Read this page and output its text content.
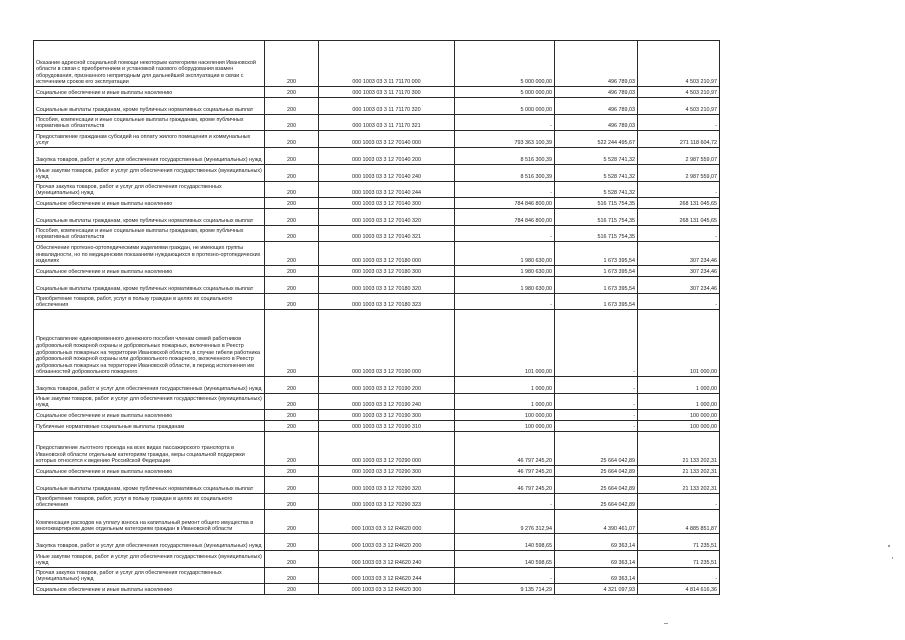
Оказание адресной социальной помощи некоторым категориям населения Ивановской области в связи с приобретением и установкой газового оборудования взамен оборудования, признанного непригодным для дальнейшей эксплуатации в связи с истечением сроков его эксплуатации	200	000 1003 03 3 11 71170 000	5 000 000,00	496 789,03	4 503 210,97
Социальное обеспечение и иные выплаты населению	200	000 1003 03 3 11 71170 300	5 000 000,00	496 789,03	4 503 210,97
Социальные выплаты гражданам, кроме публичных нормативных социальных выплат	200	000 1003 03 3 11 71170 320	5 000 000,00	496 789,03	4 503 210,97
Пособия, компенсации и иные социальные выплаты гражданам, кроме публичных нормативных обязательств	200	000 1003 03 3 11 71170 321	-	496 789,03	-
Предоставление гражданам субсидий на оплату жилого помещения и коммунальных услуг	200	000 1003 03 3 12 70140 000	793 363 100,39	522 244 495,67	271 118 604,72
Закупка товаров, работ и услуг для обеспечения государственных (муниципальных) нужд	200	000 1003 03 3 12 70140 200	8 516 300,39	5 528 741,32	2 987 559,07
Иные закупки товаров, работ и услуг для обеспечения государственных (муниципальных) нужд	200	000 1003 03 3 12 70140 240	8 516 300,39	5 528 741,32	2 987 559,07
Прочая закупка товаров, работ и услуг для обеспечения государственных (муниципальных) нужд	200	000 1003 03 3 12 70140 244	-	5 528 741,32	-
Социальное обеспечение и иные выплаты населению	200	000 1003 03 3 12 70140 300	784 846 800,00	516 715 754,35	268 131 045,65
Социальные выплаты гражданам, кроме публичных нормативных социальных выплат	200	000 1003 03 3 12 70140 320	784 846 800,00	516 715 754,35	268 131 045,65
Пособия, компенсации и иные социальные выплаты гражданам, кроме публичных нормативных обязательств	200	000 1003 03 3 12 70140 321	-	516 715 754,35	-
Обеспечение протезно-ортопедическими изделиями граждан, не имеющих группы инвалидности, но по медицинским показаниям нуждающихся в протезно-ортопедических изделиях	200	000 1003 03 3 12 70180 000	1 980 630,00	1 673 395,54	307 234,46
Социальное обеспечение и иные выплаты населению	200	000 1003 03 3 12 70180 300	1 980 630,00	1 673 395,54	307 234,46
Социальные выплаты гражданам, кроме публичных нормативных социальных выплат	200	000 1003 03 3 12 70180 320	1 980 630,00	1 673 395,54	307 234,46
Приобретение товаров, работ, услуг в пользу граждан в целях их социального обеспечения	200	000 1003 03 3 12 70180 323	-	1 673 395,54	-
Предоставление единовременного денежного пособия членам семей работников добровольной пожарной охраны и добровольных пожарных, включенных в Реестр добровольных пожарных на территории Ивановской области, в случае гибели работника добровольной пожарной охраны или добровольного пожарного, включенного в Реестр добровольных пожарных на территории Ивановской области, в период исполнения им обязанностей добровольного пожарного	200	000 1003 03 3 12 70190 000	101 000,00	-	101 000,00
Закупка товаров, работ и услуг для обеспечения государственных (муниципальных) нужд	200	000 1003 03 3 12 70190 200	1 000,00	-	1 000,00
Иные закупки товаров, работ и услуг для обеспечения государственных (муниципальных) нужд	200	000 1003 03 3 12 70190 240	1 000,00	-	1 000,00
Социальное обеспечение и иные выплаты населению	200	000 1003 03 3 12 70190 300	100 000,00	-	100 000,00
Публичные нормативные социальные выплаты гражданам	200	000 1003 03 3 12 70190 310	100 000,00	-	100 000,00
Предоставление льготного проезда на всех видах пассажирского транспорта в Ивановской области отдельным категориям граждан, меры социальной поддержки которых относятся к ведению Российской Федерации	200	000 1003 03 3 12 70290 000	46 797 245,20	25 664 042,89	21 133 202,31
Социальное обеспечение и иные выплаты населению	200	000 1003 03 3 12 70290 300	46 797 245,20	25 664 042,89	21 133 202,31
Социальные выплаты гражданам, кроме публичных нормативных социальных выплат	200	000 1003 03 3 12 70290 320	46 797 245,20	25 664 042,89	21 133 202,31
Приобретение товаров, работ, услуг в пользу граждан в целях их социального обеспечения	200	000 1003 03 3 12 70290 323	-	25 664 042,89	-
Компенсация расходов на уплату взноса на капитальный ремонт общего имущества в многоквартирном доме отдельным категориям граждан в Ивановской области	200	000 1003 03 3 12 R4620 000	9 276 312,94	4 390 461,07	4 885 851,87
Закупка товаров, работ и услуг для обеспечения государственных (муниципальных) нужд	200	000 1003 03 3 12 R4620 200	140 598,65	69 363,14	71 235,51
Иные закупки товаров, работ и услуг для обеспечения государственных (муниципальных) нужд	200	000 1003 03 3 12 R4620 240	140 598,65	69 363,14	71 235,51
Прочая закупка товаров, работ и услуг для обеспечения государственных (муниципальных) нужд	200	000 1003 03 3 12 R4620 244	-	69 363,14	-
Социальное обеспечение и иные выплаты населению	200	000 1003 03 3 12 R4620 300	9 135 714,29	4 321 097,93	4 814 616,36
